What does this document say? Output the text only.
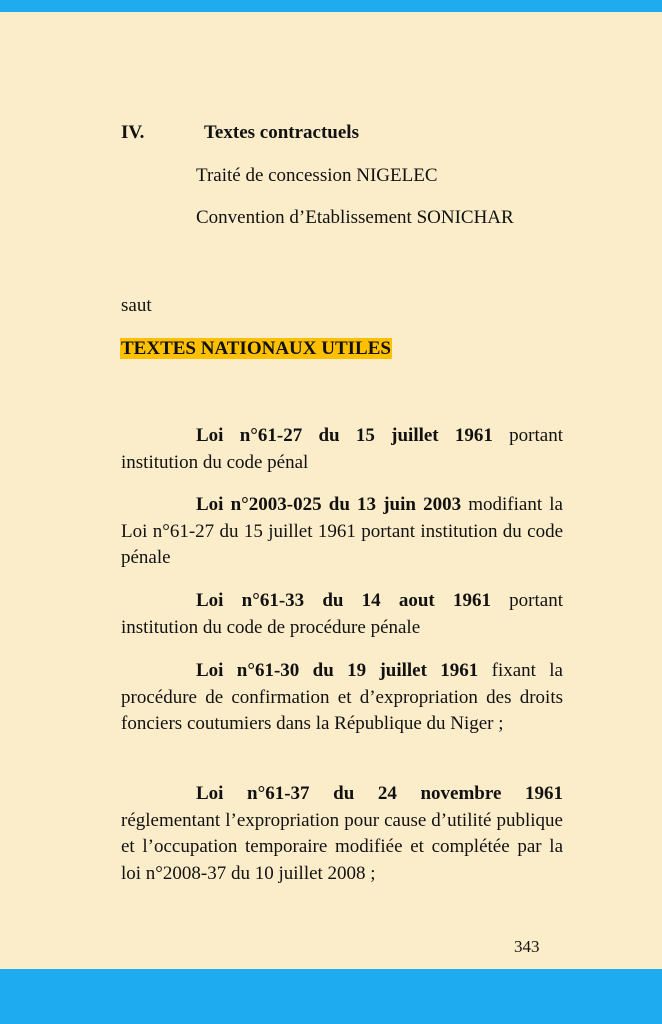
IV.	Textes contractuels
Traité de concession NIGELEC
Convention d’Etablissement SONICHAR
saut
TEXTES NATIONAUX UTILES
Loi n°61-27 du 15 juillet 1961 portant institution du code pénal
Loi n°2003-025 du 13 juin 2003 modifiant la Loi n°61-27 du 15 juillet 1961 portant institution du code pénale
Loi n°61-33 du 14 aout 1961 portant institution du code de procédure pénale
Loi n°61-30 du 19 juillet 1961 fixant la procédure de confirmation et d’expropriation des droits fonciers coutumiers dans la République du Niger ;
Loi n°61-37 du 24 novembre 1961 réglementant l’expropriation pour cause d’utilité publique et l’occupation temporaire modifiée et complétée par la loi n°2008-37 du 10 juillet 2008 ;
343
